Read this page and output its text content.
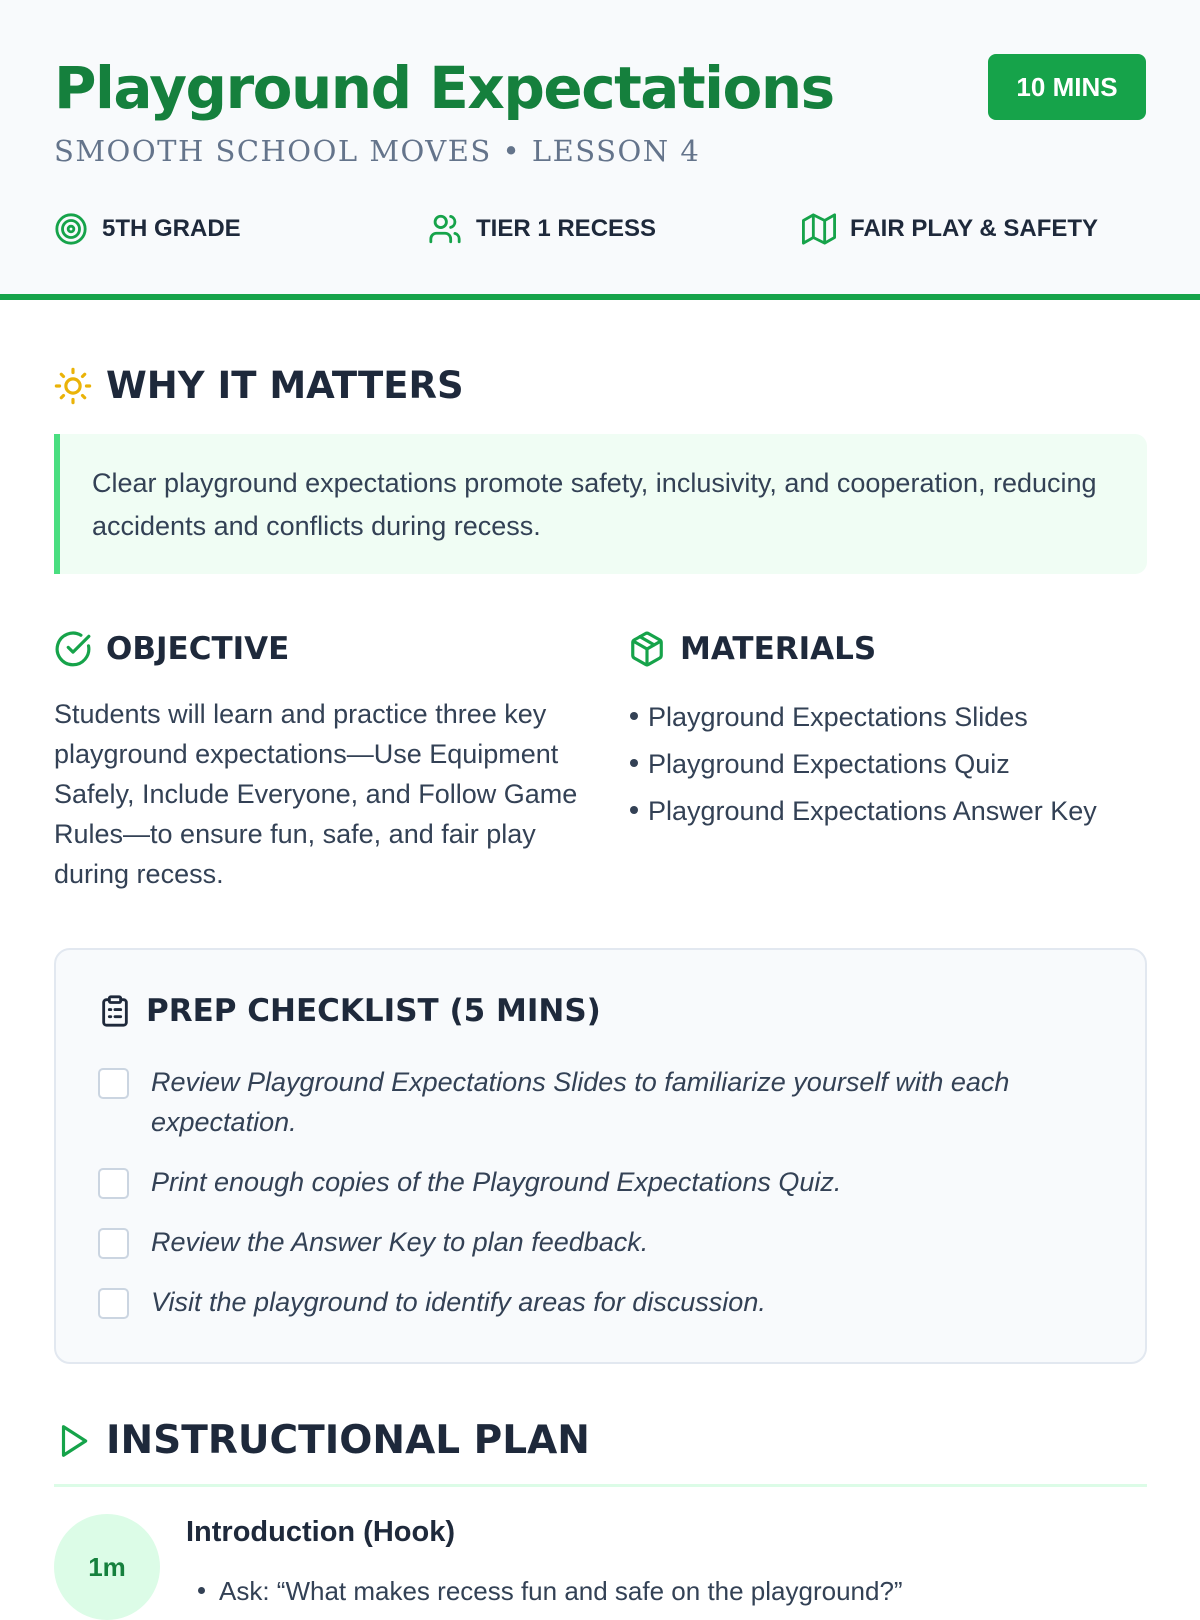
Playground Expectations	10 MINS
SMOOTH SCHOOL MOVES • LESSON 4
5TH GRADE	TIER 1 RECESS	FAIR PLAY & SAFETY
WHY IT MATTERS
Clear playground expectations promote safety, inclusivity, and cooperation, reducing accidents and conflicts during recess.
OBJECTIVE
Students will learn and practice three key playground expectations—Use Equipment Safely, Include Everyone, and Follow Game Rules—to ensure fun, safe, and fair play during recess.
MATERIALS
Playground Expectations Slides
Playground Expectations Quiz
Playground Expectations Answer Key
PREP CHECKLIST (5 MINS)
Review Playground Expectations Slides to familiarize yourself with each expectation.
Print enough copies of the Playground Expectations Quiz.
Review the Answer Key to plan feedback.
Visit the playground to identify areas for discussion.
INSTRUCTIONAL PLAN
1m
Introduction (Hook)
Ask: “What makes recess fun and safe on the playground?”
